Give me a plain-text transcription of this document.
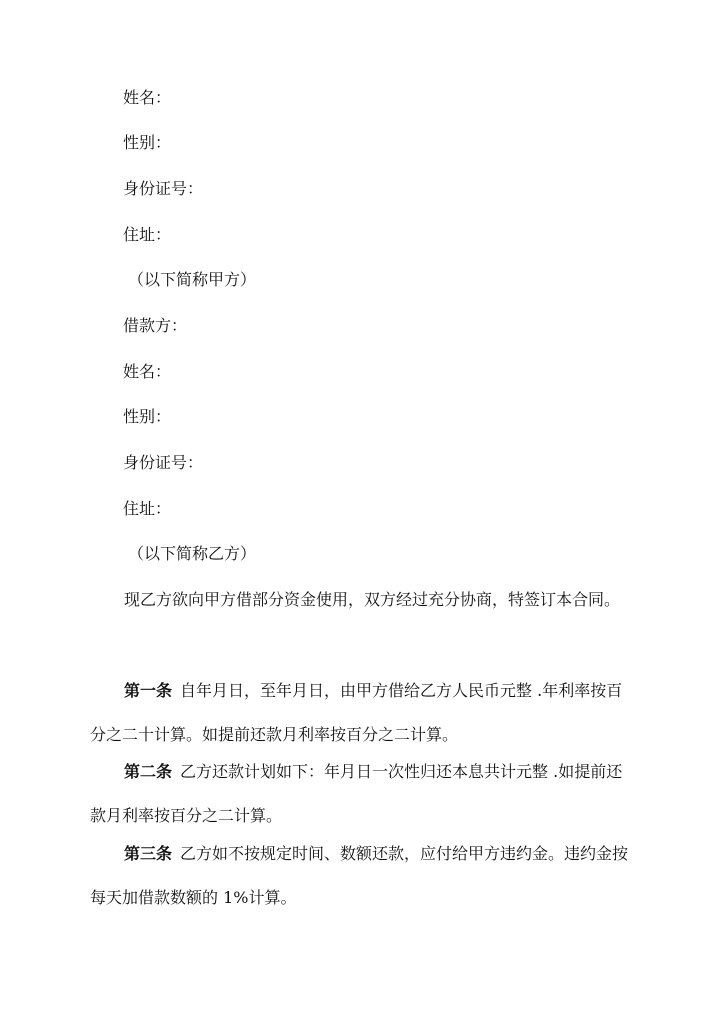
姓名：
性别：
身份证号：
住址：
（以下简称甲方）
借款方：
姓名：
性别：
身份证号：
住址：
（以下简称乙方）
现乙方欲向甲方借部分资金使用，双方经过充分协商，特签订本合同。
第一条 自年月日，至年月日，由甲方借给乙方人民币元整 .年利率按百分之二十计算。如提前还款月利率按百分之二计算。
第二条 乙方还款计划如下：年月日一次性归还本息共计元整 .如提前还款月利率按百分之二计算。
第三条 乙方如不按规定时间、数额还款，应付给甲方违约金。违约金按每天加借款数额的 1%计算。
